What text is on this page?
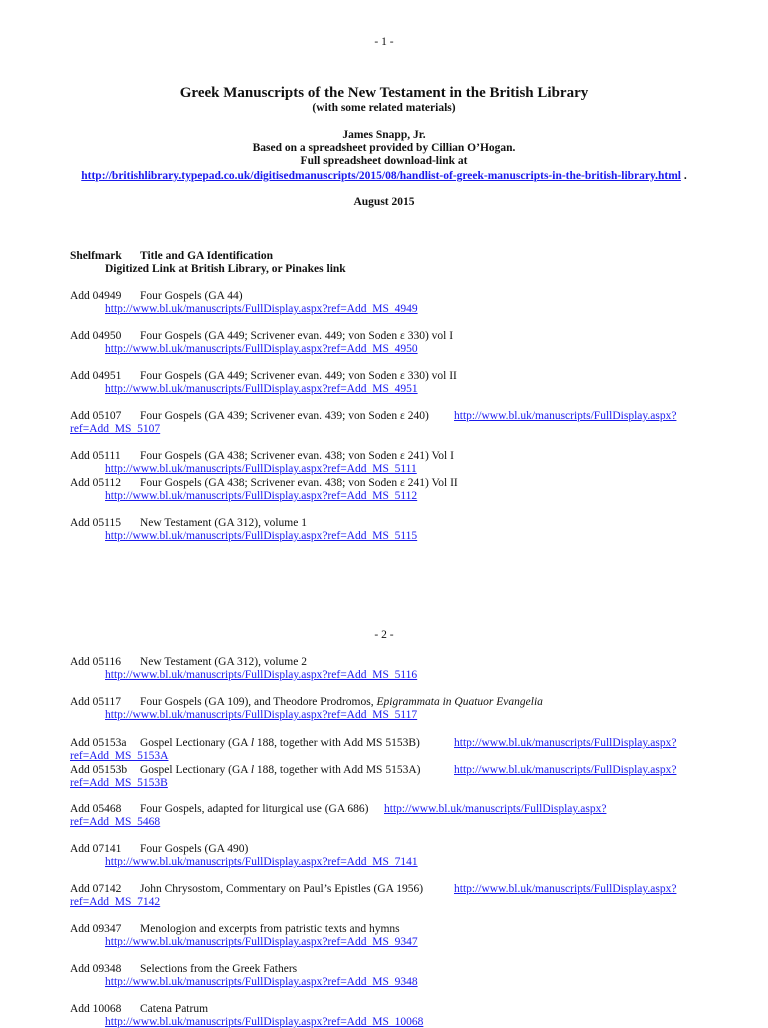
- 1 -
Greek Manuscripts of the New Testament in the British Library
(with some related materials)
James Snapp, Jr.
Based on a spreadsheet provided by Cillian O’Hogan.
Full spreadsheet download-link at
http://britishlibrary.typepad.co.uk/digitisedmanuscripts/2015/08/handlist-of-greek-manuscripts-in-the-british-library.html .
August 2015
Shelfmark Title and GA Identification
Digitized Link at British Library, or Pinakes link
Add 04949 Four Gospels (GA 44)
http://www.bl.uk/manuscripts/FullDisplay.aspx?ref=Add_MS_4949
Add 04950 Four Gospels (GA 449; Scrivener evan. 449; von Soden ε 330) vol I
http://www.bl.uk/manuscripts/FullDisplay.aspx?ref=Add_MS_4950
Add 04951 Four Gospels (GA 449; Scrivener evan. 449; von Soden ε 330) vol II
http://www.bl.uk/manuscripts/FullDisplay.aspx?ref=Add_MS_4951
Add 05107 Four Gospels (GA 439; Scrivener evan. 439; von Soden ε 240) http://www.bl.uk/manuscripts/FullDisplay.aspx?
ref=Add_MS_5107
Add 05111 Four Gospels (GA 438; Scrivener evan. 438; von Soden ε 241) Vol I
http://www.bl.uk/manuscripts/FullDisplay.aspx?ref=Add_MS_5111
Add 05112 Four Gospels (GA 438; Scrivener evan. 438; von Soden ε 241) Vol II
http://www.bl.uk/manuscripts/FullDisplay.aspx?ref=Add_MS_5112
Add 05115 New Testament (GA 312), volume 1
http://www.bl.uk/manuscripts/FullDisplay.aspx?ref=Add_MS_5115
- 2 -
Add 05116 New Testament (GA 312), volume 2
http://www.bl.uk/manuscripts/FullDisplay.aspx?ref=Add_MS_5116
Add 05117 Four Gospels (GA 109), and Theodore Prodromos, Epigrammata in Quatuor Evangelia
http://www.bl.uk/manuscripts/FullDisplay.aspx?ref=Add_MS_5117
Add 05153a Gospel Lectionary (GA l 188, together with Add MS 5153B)	http://www.bl.uk/manuscripts/FullDisplay.aspx?
ref=Add_MS_5153A
Add 05153b Gospel Lectionary (GA l 188, together with Add MS 5153A)	http://www.bl.uk/manuscripts/FullDisplay.aspx?
ref=Add_MS_5153B
Add 05468 Four Gospels, adapted for liturgical use (GA 686) http://www.bl.uk/manuscripts/FullDisplay.aspx?
ref=Add_MS_5468
Add 07141 Four Gospels (GA 490)
http://www.bl.uk/manuscripts/FullDisplay.aspx?ref=Add_MS_7141
Add 07142 John Chrysostom, Commentary on Paul’s Epistles (GA 1956)	http://www.bl.uk/manuscripts/FullDisplay.aspx?
ref=Add_MS_7142
Add 09347 Menologion and excerpts from patristic texts and hymns
http://www.bl.uk/manuscripts/FullDisplay.aspx?ref=Add_MS_9347
Add 09348 Selections from the Greek Fathers
http://www.bl.uk/manuscripts/FullDisplay.aspx?ref=Add_MS_9348
Add 10068 Catena Patrum
http://www.bl.uk/manuscripts/FullDisplay.aspx?ref=Add_MS_10068
